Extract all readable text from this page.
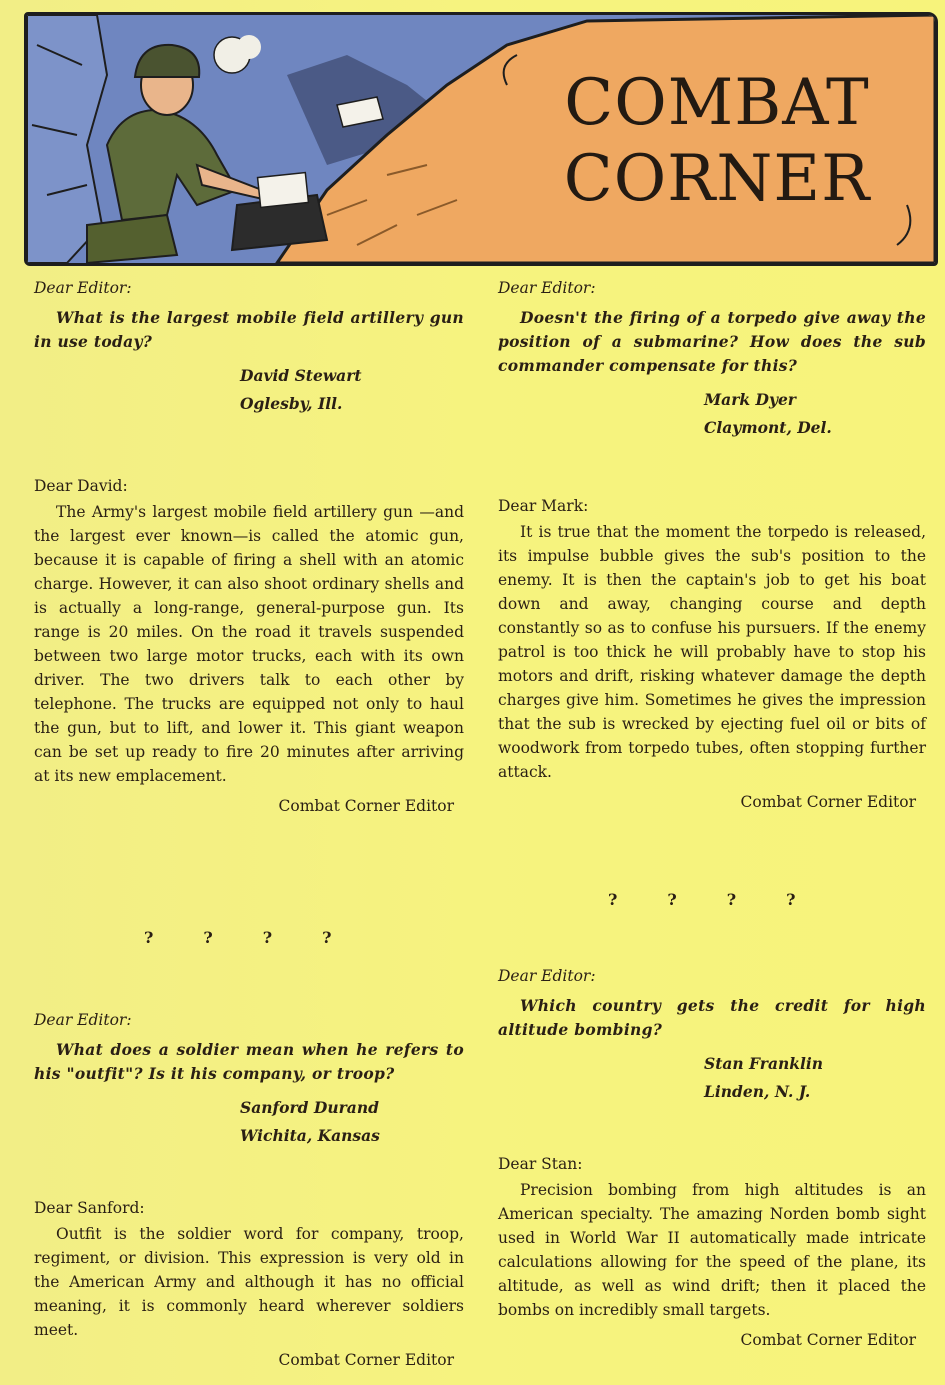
COMBAT
CORNER

Dear Editor:

What is the largest mobile field artillery gun in use today?

David Stewart
Oglesby, Ill.

Dear David:

The Army's largest mobile field artillery gun —and the largest ever known—is called the atomic gun, because it is capable of firing a shell with an atomic charge. However, it can also shoot ordinary shells and is actually a long-range, general-purpose gun. Its range is 20 miles. On the road it travels suspended between two large motor trucks, each with its own driver. The two drivers talk to each other by telephone. The trucks are equipped not only to haul the gun, but to lift, and lower it. This giant weapon can be set up ready to fire 20 minutes after arriving at its new emplacement.

Combat Corner Editor

?	?	?	?

Dear Editor:

What does a soldier mean when he refers to his "outfit"? Is it his company, or troop?

Sanford Durand
Wichita, Kansas

Dear Sanford:

Outfit is the soldier word for company, troop, regiment, or division. This expression is very old in the American Army and although it has no official meaning, it is commonly heard wherever soldiers meet.

Combat Corner Editor

Dear Editor:

Doesn't the firing of a torpedo give away the position of a submarine? How does the sub commander compensate for this?

Mark Dyer
Claymont, Del.

Dear Mark:

It is true that the moment the torpedo is released, its impulse bubble gives the sub's position to the enemy. It is then the captain's job to get his boat down and away, changing course and depth constantly so as to confuse his pursuers. If the enemy patrol is too thick he will probably have to stop his motors and drift, risking whatever damage the depth charges give him. Sometimes he gives the impression that the sub is wrecked by ejecting fuel oil or bits of woodwork from torpedo tubes, often stopping further attack.

Combat Corner Editor

?	?	?	?

Dear Editor:

Which country gets the credit for high altitude bombing?

Stan Franklin
Linden, N. J.

Dear Stan:

Precision bombing from high altitudes is an American specialty. The amazing Norden bomb sight used in World War II automatically made intricate calculations allowing for the speed of the plane, its altitude, as well as wind drift; then it placed the bombs on incredibly small targets.

Combat Corner Editor
